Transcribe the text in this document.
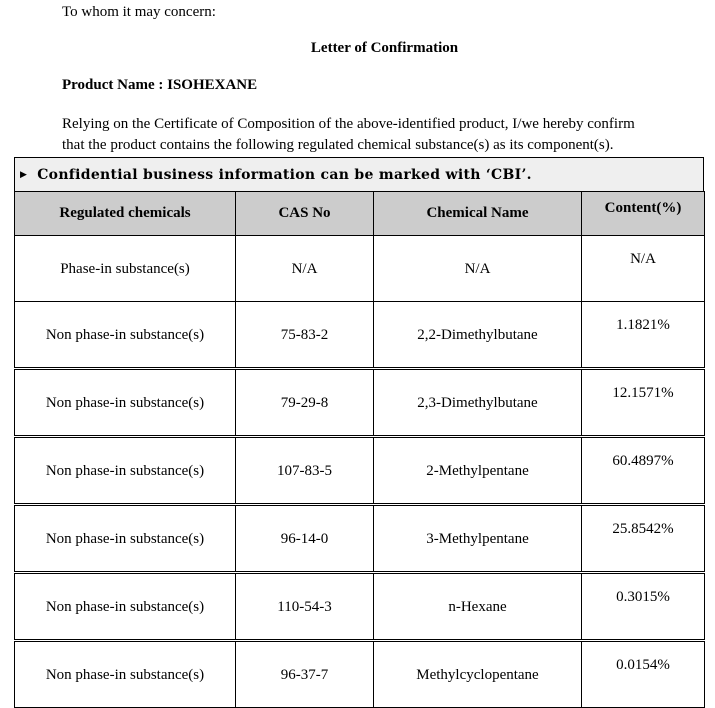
To whom it may concern:
Letter of Confirmation
Product Name : ISOHEXANE
Relying on the Certificate of Composition of the above-identified product, I/we hereby confirm
that the product contains the following regulated chemical substance(s) as its component(s).
▶ Confidential business information can be marked with ‘CBI’.
Regulated chemicals	CAS No	Chemical Name	Content(%)
Phase-in substance(s)	N/A	N/A	N/A
Non phase-in substance(s)	75-83-2	2,2-Dimethylbutane	1.1821%
Non phase-in substance(s)	79-29-8	2,3-Dimethylbutane	12.1571%
Non phase-in substance(s)	107-83-5	2-Methylpentane	60.4897%
Non phase-in substance(s)	96-14-0	3-Methylpentane	25.8542%
Non phase-in substance(s)	110-54-3	n-Hexane	0.3015%
Non phase-in substance(s)	96-37-7	Methylcyclopentane	0.0154%
